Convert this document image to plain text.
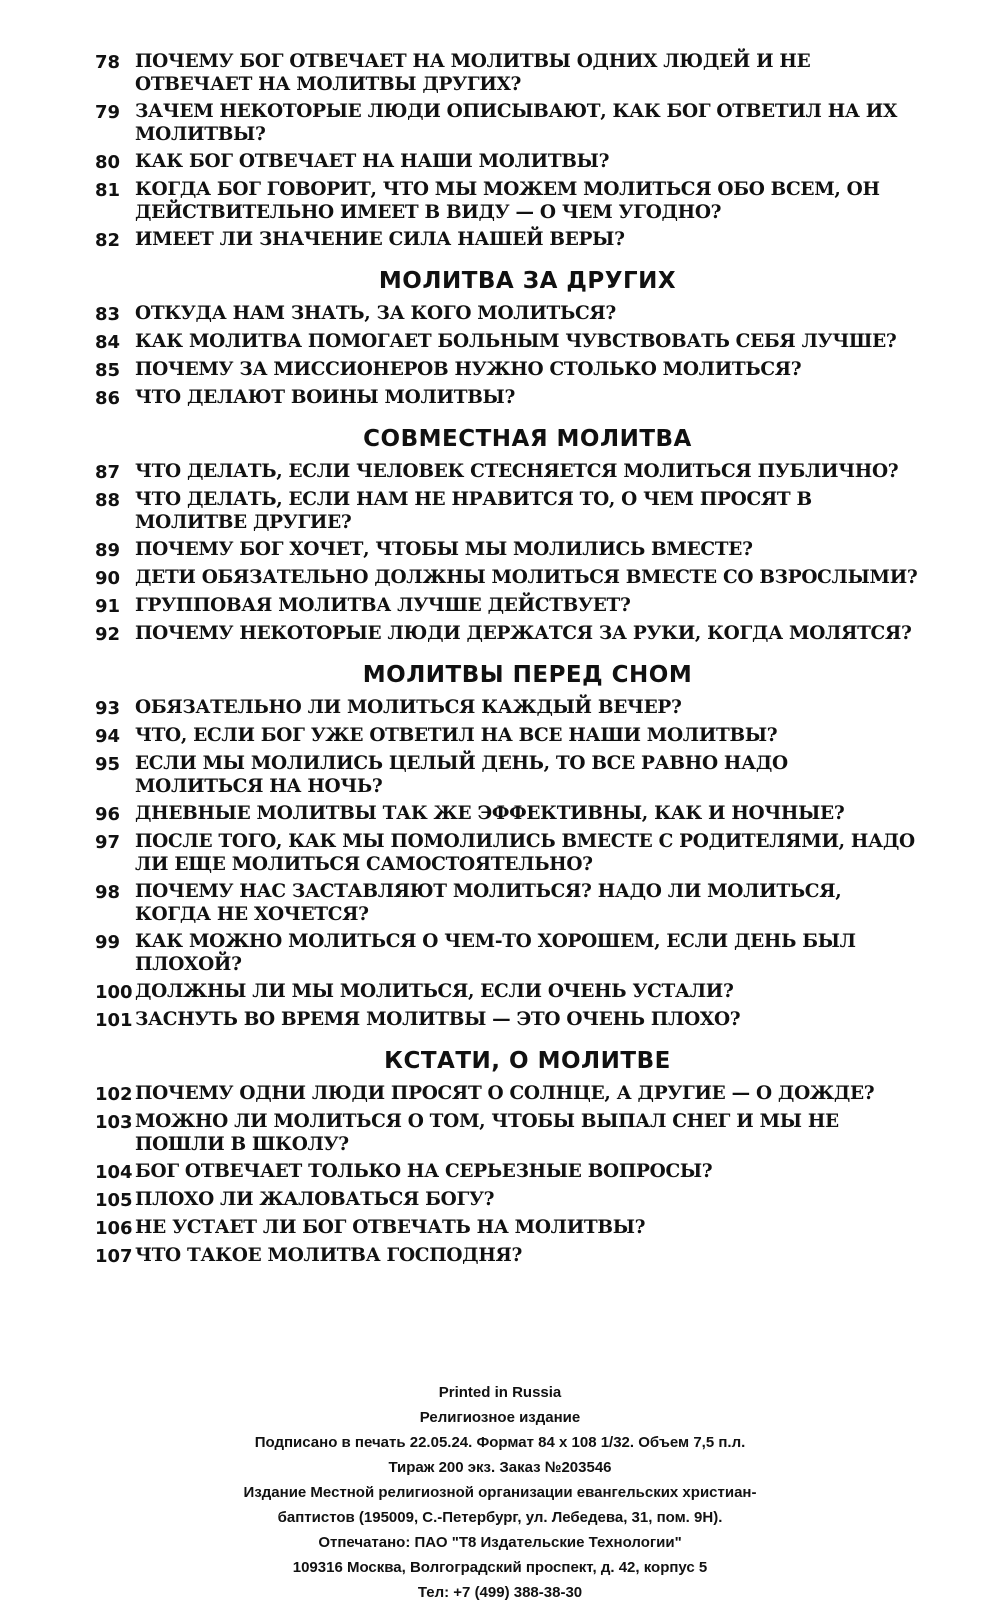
78 ПОЧЕМУ БОГ ОТВЕЧАЕТ НА МОЛИТВЫ ОДНИХ ЛЮДЕЙ И НЕ ОТВЕЧАЕТ НА МОЛИТВЫ ДРУГИХ?
79 ЗАЧЕМ НЕКОТОРЫЕ ЛЮДИ ОПИСЫВАЮТ, КАК БОГ ОТВЕТИЛ НА ИХ МОЛИТВЫ?
80 КАК БОГ ОТВЕЧАЕТ НА НАШИ МОЛИТВЫ?
81 КОГДА БОГ ГОВОРИТ, ЧТО МЫ МОЖЕМ МОЛИТЬСЯ ОБО ВСЕМ, ОН ДЕЙСТВИТЕЛЬНО ИМЕЕТ В ВИДУ — О ЧЕМ УГОДНО?
82 ИМЕЕТ ЛИ ЗНАЧЕНИЕ СИЛА НАШЕЙ ВЕРЫ?
МОЛИТВА ЗА ДРУГИХ
83 ОТКУДА НАМ ЗНАТЬ, ЗА КОГО МОЛИТЬСЯ?
84 КАК МОЛИТВА ПОМОГАЕТ БОЛЬНЫМ ЧУВСТВОВАТЬ СЕБЯ ЛУЧШЕ?
85 ПОЧЕМУ ЗА МИССИОНЕРОВ НУЖНО СТОЛЬКО МОЛИТЬСЯ?
86 ЧТО ДЕЛАЮТ ВОИНЫ МОЛИТВЫ?
СОВМЕСТНАЯ МОЛИТВА
87 ЧТО ДЕЛАТЬ, ЕСЛИ ЧЕЛОВЕК СТЕСНЯЕТСЯ МОЛИТЬСЯ ПУБЛИЧНО?
88 ЧТО ДЕЛАТЬ, ЕСЛИ НАМ НЕ НРАВИТСЯ ТО, О ЧЕМ ПРОСЯТ В МОЛИТВЕ ДРУГИЕ?
89 ПОЧЕМУ БОГ ХОЧЕТ, ЧТОБЫ МЫ МОЛИЛИСЬ ВМЕСТЕ?
90 ДЕТИ ОБЯЗАТЕЛЬНО ДОЛЖНЫ МОЛИТЬСЯ ВМЕСТЕ СО ВЗРОСЛЫМИ?
91 ГРУППОВАЯ МОЛИТВА ЛУЧШЕ ДЕЙСТВУЕТ?
92 ПОЧЕМУ НЕКОТОРЫЕ ЛЮДИ ДЕРЖАТСЯ ЗА РУКИ, КОГДА МОЛЯТСЯ?
МОЛИТВЫ ПЕРЕД СНОМ
93 ОБЯЗАТЕЛЬНО ЛИ МОЛИТЬСЯ КАЖДЫЙ ВЕЧЕР?
94 ЧТО, ЕСЛИ БОГ УЖЕ ОТВЕТИЛ НА ВСЕ НАШИ МОЛИТВЫ?
95 ЕСЛИ МЫ МОЛИЛИСЬ ЦЕЛЫЙ ДЕНЬ, ТО ВСЕ РАВНО НАДО МОЛИТЬСЯ НА НОЧЬ?
96 ДНЕВНЫЕ МОЛИТВЫ ТАК ЖЕ ЭФФЕКТИВНЫ, КАК И НОЧНЫЕ?
97 ПОСЛЕ ТОГО, КАК МЫ ПОМОЛИЛИСЬ ВМЕСТЕ С РОДИТЕЛЯМИ, НАДО ЛИ ЕЩЕ МОЛИТЬСЯ САМОСТОЯТЕЛЬНО?
98 ПОЧЕМУ НАС ЗАСТАВЛЯЮТ МОЛИТЬСЯ? НАДО ЛИ МОЛИТЬСЯ, КОГДА НЕ ХОЧЕТСЯ?
99 КАК МОЖНО МОЛИТЬСЯ О ЧЕМ-ТО ХОРОШЕМ, ЕСЛИ ДЕНЬ БЫЛ ПЛОХОЙ?
100 ДОЛЖНЫ ЛИ МЫ МОЛИТЬСЯ, ЕСЛИ ОЧЕНЬ УСТАЛИ?
101 ЗАСНУТЬ ВО ВРЕМЯ МОЛИТВЫ — ЭТО ОЧЕНЬ ПЛОХО?
КСТАТИ, О МОЛИТВЕ
102 ПОЧЕМУ ОДНИ ЛЮДИ ПРОСЯТ О СОЛНЦЕ, А ДРУГИЕ — О ДОЖДЕ?
103 МОЖНО ЛИ МОЛИТЬСЯ О ТОМ, ЧТОБЫ ВЫПАЛ СНЕГ И МЫ НЕ ПОШЛИ В ШКОЛУ?
104 БОГ ОТВЕЧАЕТ ТОЛЬКО НА СЕРЬЕЗНЫЕ ВОПРОСЫ?
105 ПЛОХО ЛИ ЖАЛОВАТЬСЯ БОГУ?
106 НЕ УСТАЕТ ЛИ БОГ ОТВЕЧАТЬ НА МОЛИТВЫ?
107 ЧТО ТАКОЕ МОЛИТВА ГОСПОДНЯ?
Printed in Russia
Религиозное издание
Подписано в печать 22.05.24. Формат 84 x 108 1/32. Объем 7,5 п.л.
Тираж 200 экз. Заказ №203546
Издание Местной религиозной организации евангельских христиан-
баптистов (195009, С.-Петербург, ул. Лебедева, 31, пом. 9Н).
Отпечатано: ПАО "Т8 Издательские Технологии"
109316 Москва, Волгоградский проспект, д. 42, корпус 5
Тел: +7 (499) 388-38-30
